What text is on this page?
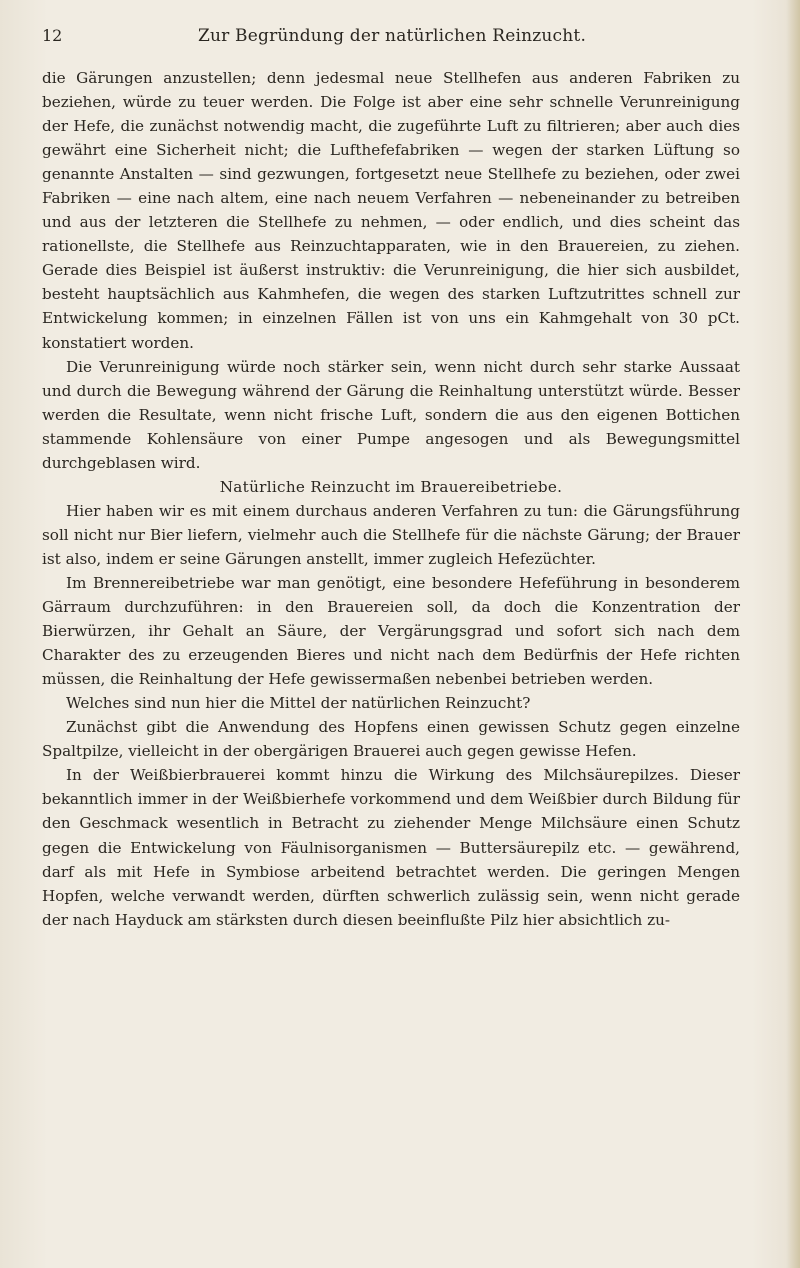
12	Zur Begründung der natürlichen Reinzucht.

die Gärungen anzustellen; denn jedesmal neue Stellhefen aus anderen Fabriken zu beziehen, würde zu teuer werden. Die Folge ist aber eine sehr schnelle Verunreinigung der Hefe, die zunächst notwendig macht, die zugeführte Luft zu filtrieren; aber auch dies gewährt eine Sicherheit nicht; die Lufthefefabriken — wegen der starken Lüftung so genannte Anstalten — sind gezwungen, fortgesetzt neue Stellhefe zu beziehen, oder zwei Fabriken — eine nach altem, eine nach neuem Verfahren — nebeneinander zu betreiben und aus der letzteren die Stellhefe zu nehmen, — oder endlich, und dies scheint das rationellste, die Stellhefe aus Reinzuchtapparaten, wie in den Brauereien, zu ziehen. Gerade dies Beispiel ist äußerst instruktiv: die Verunreinigung, die hier sich ausbildet, besteht hauptsächlich aus Kahmhefen, die wegen des starken Luftzutrittes schnell zur Entwickelung kommen; in einzelnen Fällen ist von uns ein Kahmgehalt von 30 pCt. konstatiert worden.

Die Verunreinigung würde noch stärker sein, wenn nicht durch sehr starke Aussaat und durch die Bewegung während der Gärung die Reinhaltung unterstützt würde. Besser werden die Resultate, wenn nicht frische Luft, sondern die aus den eigenen Bottichen stammende Kohlensäure von einer Pumpe angesogen und als Bewegungsmittel durchgeblasen wird.

Natürliche Reinzucht im Brauereibetriebe.

Hier haben wir es mit einem durchaus anderen Verfahren zu tun: die Gärungsführung soll nicht nur Bier liefern, vielmehr auch die Stellhefe für die nächste Gärung; der Brauer ist also, indem er seine Gärungen anstellt, immer zugleich Hefezüchter.

Im Brennereibetriebe war man genötigt, eine besondere Hefeführung in besonderem Gärraum durchzuführen: in den Brauereien soll, da doch die Konzentration der Bierwürzen, ihr Gehalt an Säure, der Vergärungsgrad und sofort sich nach dem Charakter des zu erzeugenden Bieres und nicht nach dem Bedürfnis der Hefe richten müssen, die Reinhaltung der Hefe gewissermaßen nebenbei betrieben werden.

Welches sind nun hier die Mittel der natürlichen Reinzucht?

Zunächst gibt die Anwendung des Hopfens einen gewissen Schutz gegen einzelne Spaltpilze, vielleicht in der obergärigen Brauerei auch gegen gewisse Hefen.

In der Weißbierbrauerei kommt hinzu die Wirkung des Milchsäurepilzes. Dieser bekanntlich immer in der Weißbierhefe vorkommend und dem Weißbier durch Bildung für den Geschmack wesentlich in Betracht zu ziehender Menge Milchsäure einen Schutz gegen die Entwickelung von Fäulnisorganismen — Buttersäurepilz etc. — gewährend, darf als mit Hefe in Symbiose arbeitend betrachtet werden. Die geringen Mengen Hopfen, welche verwandt werden, dürften schwerlich zulässig sein, wenn nicht gerade der nach Hayduck am stärksten durch diesen beeinflußte Pilz hier absichtlich zu-
